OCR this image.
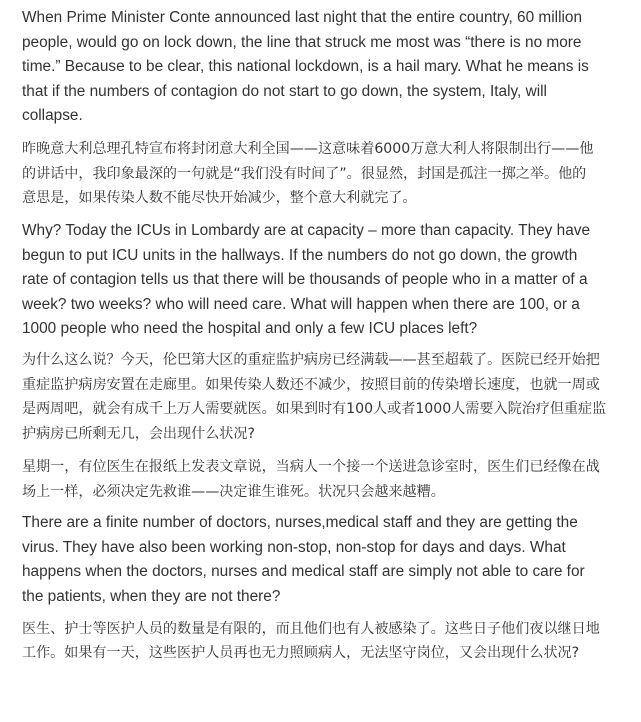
When Prime Minister Conte announced last night that the entire country, 60 million
people, would go on lock down, the line that struck me most was “there is no more
time.” Because to be clear, this national lockdown, is a hail mary. What he means is
that if the numbers of contagion do not start to go down, the system, Italy, will
collapse.

昨晚意大利总理孔特宣布将封闭意大利全国——这意味着6000万意大利人将限制出行——他
的讲话中，我印象最深的一句就是“我们没有时间了”。很显然，封国是孤注一掷之举。他的
意思是，如果传染人数不能尽快开始减少，整个意大利就完了。

Why? Today the ICUs in Lombardy are at capacity – more than capacity. They have
begun to put ICU units in the hallways. If the numbers do not go down, the growth
rate of contagion tells us that there will be thousands of people who in a matter of a
week? two weeks? who will need care. What will happen when there are 100, or a
1000 people who need the hospital and only a few ICU places left?

为什么这么说？今天，伦巴第大区的重症监护病房已经满载——甚至超载了。医院已经开始把
重症监护病房安置在走廊里。如果传染人数还不减少，按照目前的传染增长速度，也就一周或
是两周吧，就会有成千上万人需要就医。如果到时有100人或者1000人需要入院治疗但重症监
护病房已所剩无几，会出现什么状况?

星期一，有位医生在报纸上发表文章说，当病人一个接一个送进急诊室时，医生们已经像在战
场上一样，必须决定先救谁——决定谁生谁死。状况只会越来越糟。

There are a finite number of doctors, nurses,medical staff and they are getting the
virus. They have also been working non-stop, non-stop for days and days. What
happens when the doctors, nurses and medical staff are simply not able to care for
the patients, when they are not there?

医生、护士等医护人员的数量是有限的，而且他们也有人被感染了。这些日子他们夜以继日地
工作。如果有一天，这些医护人员再也无力照顾病人，无法坚守岗位，又会出现什么状况?
